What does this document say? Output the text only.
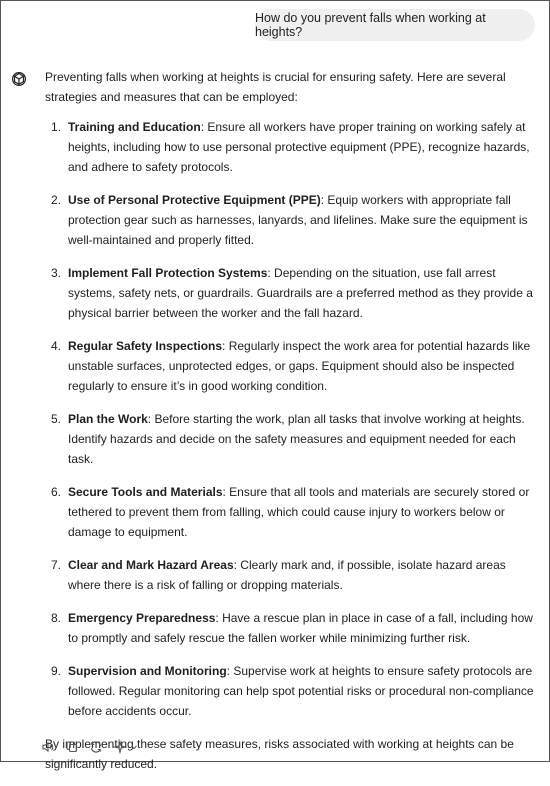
How do you prevent falls when working at heights?

Preventing falls when working at heights is crucial for ensuring safety. Here are several strategies and measures that can be employed:

1. Training and Education: Ensure all workers have proper training on working safely at heights, including how to use personal protective equipment (PPE), recognize hazards, and adhere to safety protocols.
2. Use of Personal Protective Equipment (PPE): Equip workers with appropriate fall protection gear such as harnesses, lanyards, and lifelines. Make sure the equipment is well-maintained and properly fitted.
3. Implement Fall Protection Systems: Depending on the situation, use fall arrest systems, safety nets, or guardrails. Guardrails are a preferred method as they provide a physical barrier between the worker and the fall hazard.
4. Regular Safety Inspections: Regularly inspect the work area for potential hazards like unstable surfaces, unprotected edges, or gaps. Equipment should also be inspected regularly to ensure it’s in good working condition.
5. Plan the Work: Before starting the work, plan all tasks that involve working at heights. Identify hazards and decide on the safety measures and equipment needed for each task.
6. Secure Tools and Materials: Ensure that all tools and materials are securely stored or tethered to prevent them from falling, which could cause injury to workers below or damage to equipment.
7. Clear and Mark Hazard Areas: Clearly mark and, if possible, isolate hazard areas where there is a risk of falling or dropping materials.
8. Emergency Preparedness: Have a rescue plan in place in case of a fall, including how to promptly and safely rescue the fallen worker while minimizing further risk.
9. Supervision and Monitoring: Supervise work at heights to ensure safety protocols are followed. Regular monitoring can help spot potential risks or procedural non-compliance before accidents occur.

By implementing these safety measures, risks associated with working at heights can be significantly reduced.
